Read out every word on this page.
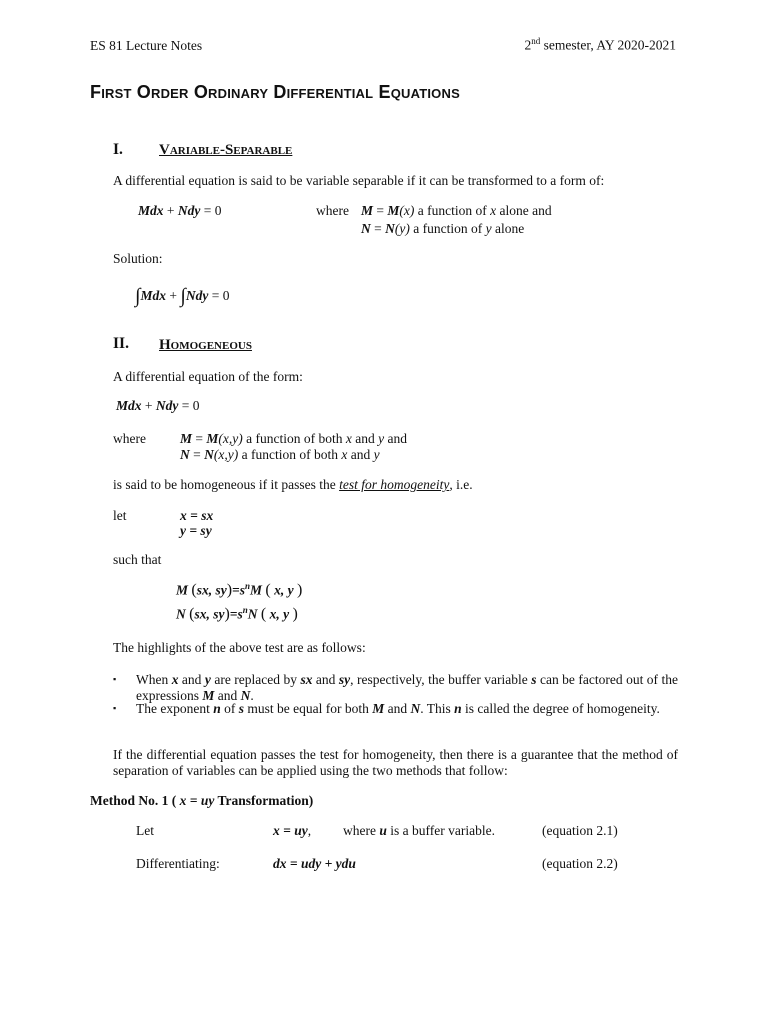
ES 81 Lecture Notes	2nd semester, AY 2020-2021
First Order Ordinary Differential Equations
I. Variable-Separable
A differential equation is said to be variable separable if it can be transformed to a form of:
Mdx + Ndy = 0	where M = M(x) a function of x alone and
N = N(y) a function of y alone
Solution:
∫Mdx + ∫Ndy = 0
II. Homogeneous
A differential equation of the form:
Mdx + Ndy = 0
where	M = M(x,y) a function of both x and y and
N = N(x,y) a function of both x and y
is said to be homogeneous if it passes the test for homogeneity, i.e.
let	x = sx
y = sy
such that
M (sx, $sy)=s^nM$ ( x, y )
N (sx, $sy)=s^nN$ ( x, y )
The highlights of the above test are as follows:
▪ When x and y are replaced by sx and sy, respectively, the buffer variable s can be factored out of the expressions M and N.
▪ The exponent n of s must be equal for both M and N. This n is called the degree of homogeneity.
If the differential equation passes the test for homogeneity, then there is a guarantee that the method of separation of variables can be applied using the two methods that follow:
Method No. 1 ( x = uy Transformation)
Let	x = uy, where u is a buffer variable.	(equation 2.1)
Differentiating:	dx = udy + ydu	(equation 2.2)
